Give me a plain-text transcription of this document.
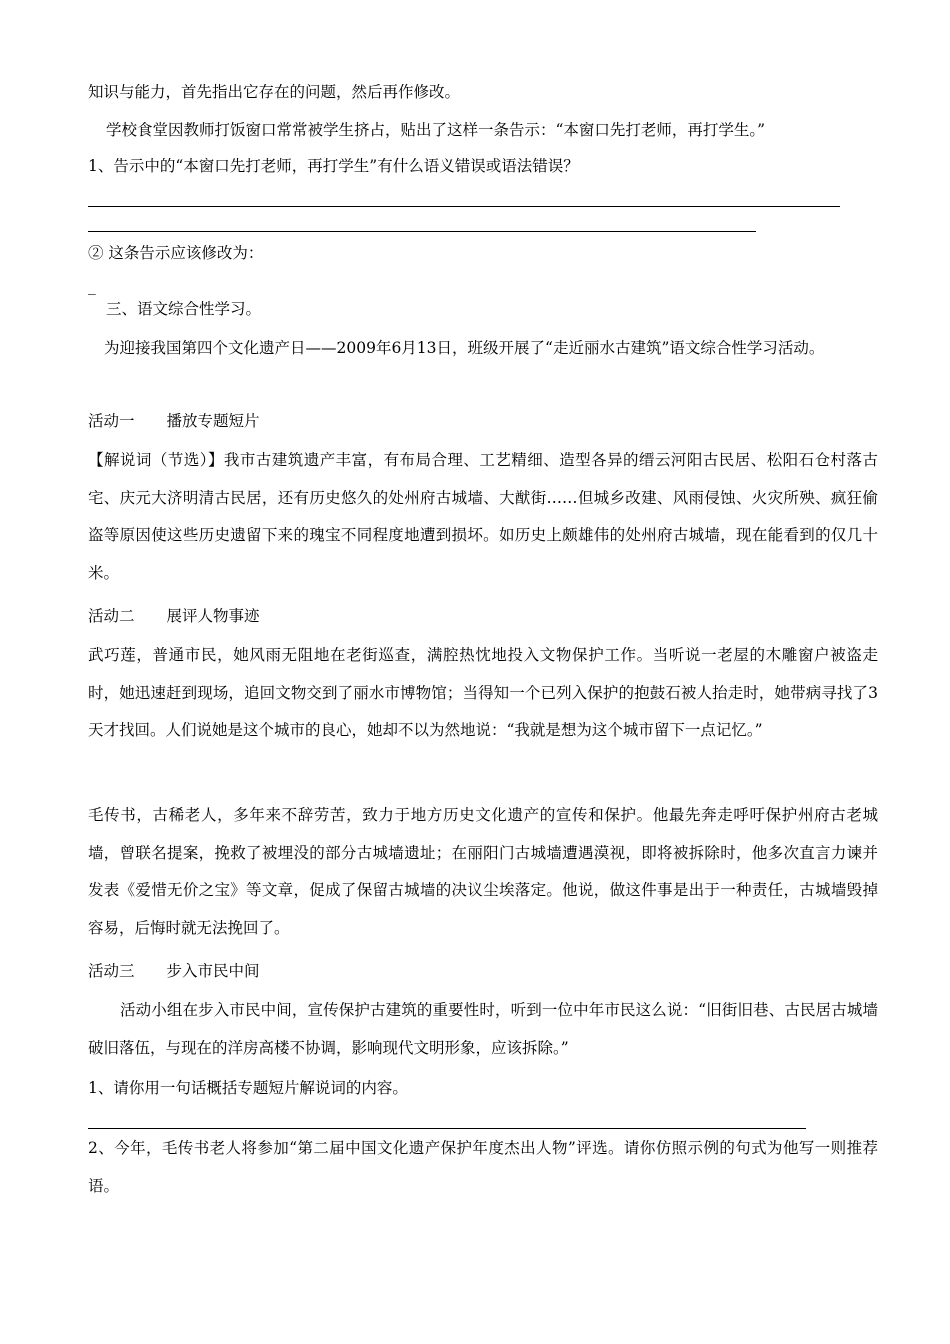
知识与能力，首先指出它存在的问题，然后再作修改。

学校食堂因教师打饭窗口常常被学生挤占，贴出了这样一条告示：“本窗口先打老师，再打学生。”

1、告示中的“本窗口先打老师，再打学生”有什么语义错误或语法错误？

② 这条告示应该修改为：

_

三、语文综合性学习。

为迎接我国第四个文化遗产日——2009年6月13日，班级开展了“走近丽水古建筑”语文综合性学习活动。

活动一 播放专题短片

【解说词（节选）】我市古建筑遗产丰富，有布局合理、工艺精细、造型各异的缙云河阳古民居、松阳石仓村落古宅、庆元大济明清古民居，还有历史悠久的处州府古城墙、大猷街……但城乡改建、风雨侵蚀、火灾所殃、疯狂偷盗等原因使这些历史遗留下来的瑰宝不同程度地遭到损坏。如历史上颇雄伟的处州府古城墙，现在能看到的仅几十米。

活动二 展评人物事迹

武巧莲，普通市民，她风雨无阻地在老街巡查，满腔热忱地投入文物保护工作。当听说一老屋的木雕窗户被盗走时，她迅速赶到现场，追回文物交到了丽水市博物馆；当得知一个已列入保护的抱鼓石被人抬走时，她带病寻找了3天才找回。人们说她是这个城市的良心，她却不以为然地说：“我就是想为这个城市留下一点记忆。”

毛传书，古稀老人，多年来不辞劳苦，致力于地方历史文化遗产的宣传和保护。他最先奔走呼吁保护州府古老城墙，曾联名提案，挽救了被埋没的部分古城墙遗址；在丽阳门古城墙遭遇漠视，即将被拆除时，他多次直言力谏并发表《爱惜无价之宝》等文章，促成了保留古城墙的决议尘埃落定。他说，做这件事是出于一种责任，古城墙毁掉容易，后悔时就无法挽回了。

活动三 步入市民中间

活动小组在步入市民中间，宣传保护古建筑的重要性时，听到一位中年市民这么说：“旧街旧巷、古民居古城墙破旧落伍，与现在的洋房高楼不协调，影响现代文明形象，应该拆除。”

1、请你用一句话概括专题短片解说词的内容。

2、今年，毛传书老人将参加“第二届中国文化遗产保护年度杰出人物”评选。请你仿照示例的句式为他写一则推荐语。
